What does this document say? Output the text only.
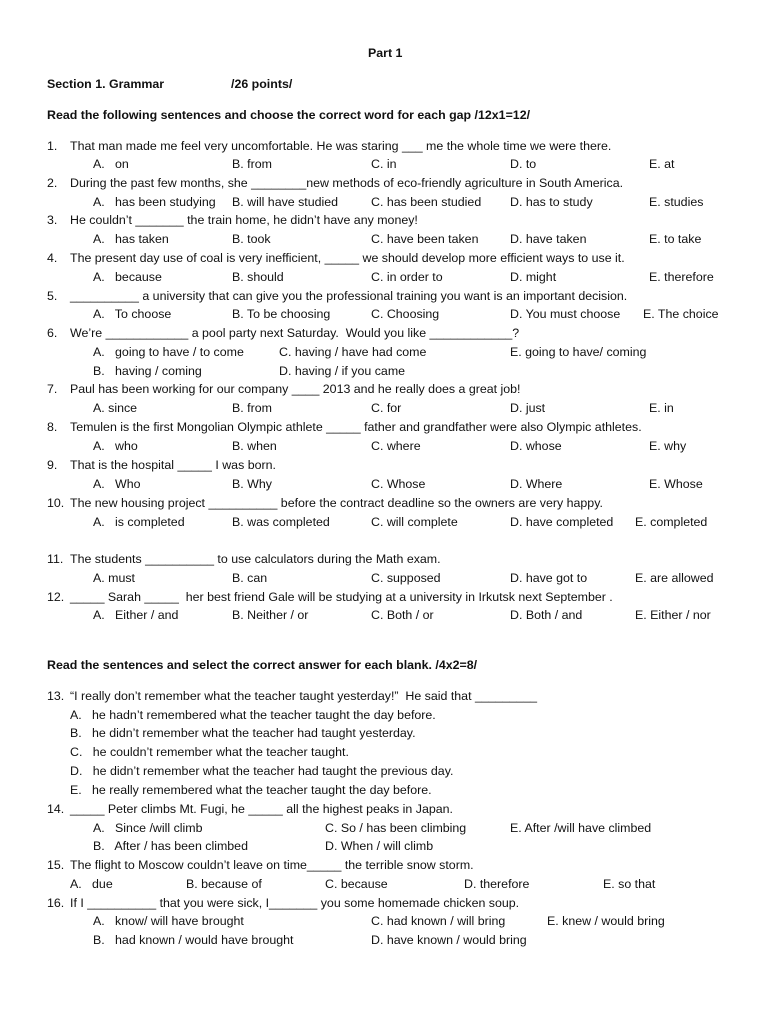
Part 1
Section 1. Grammar	/26 points/
Read the following sentences and choose the correct word for each gap /12x1=12/
1. That man made me feel very uncomfortable. He was staring ___ me the whole time we were there.
A.   on	B. from	C. in	D. to	E. at
2. During the past few months, she ________new methods of eco-friendly agriculture in South America.
A.   has been studying B. will have studied	C. has been studied D. has to study	E. studies
3. He couldn’t _______ the train home, he didn’t have any money!
A.   has taken	B. took	C. have been taken	D. have taken	E. to take
4. The present day use of coal is very inefficient, _____ we should develop more efficient ways to use it.
A.   because	B. should	C. in order to	D. might	E. therefore
5. __________ a university that can give you the professional training you want is an important decision.
A.   To choose	B. To be choosing	C. Choosing	D. You must choose E. The choice
6. We’re ____________ a pool party next Saturday.  Would you like ____________?
A.   going to have / to come	C. having / have had come	E. going to have/ coming
B.   having / coming	D. having / if you came
7. Paul has been working for our company ____ 2013 and he really does a great job!
A. since	B. from	C. for	D. just	E. in
8. Temulen is the first Mongolian Olympic athlete _____ father and grandfather were also Olympic athletes.
A.   who	B. when	C. where	D. whose	E. why
9. That is the hospital _____ I was born.
A.   Who	B. Why	C. Whose	D. Where	E. Whose
10. The new housing project __________ before the contract deadline so the owners are very happy.
A.   is completed	B. was completed	C. will complete	D. have completed E. completed
11. The students __________ to use calculators during the Math exam.
A. must	B. can	C. supposed	D. have got to	E. are allowed
12. _____ Sarah _____  her best friend Gale will be studying at a university in Irkutsk next September .
A.   Either / and	B. Neither / or	C. Both / or	D. Both / and	E. Either / nor
Read the sentences and select the correct answer for each blank. /4x2=8/
13. “I really don’t remember what the teacher taught yesterday!”  He said that _________
A.   he hadn’t remembered what the teacher taught the day before.
B.   he didn’t remember what the teacher had taught yesterday.
C.   he couldn’t remember what the teacher taught.
D.   he didn’t remember what the teacher had taught the previous day.
E.   he really remembered what the teacher taught the day before.
14. _____ Peter climbs Mt. Fugi, he _____ all the highest peaks in Japan.
A.   Since /will climb	C. So / has been climbing	E. After /will have climbed
B.   After / has been climbed	D. When / will climb
15. The flight to Moscow couldn’t leave on time_____ the terrible snow storm.
A.   due	B. because of	C. because	D. therefore	E. so that
16. If I __________ that you were sick, I_______ you some homemade chicken soup.
A.   know/ will have brought	C. had known / will bring	E. knew / would bring
B.   had known / would have brought	D. have known / would bring
